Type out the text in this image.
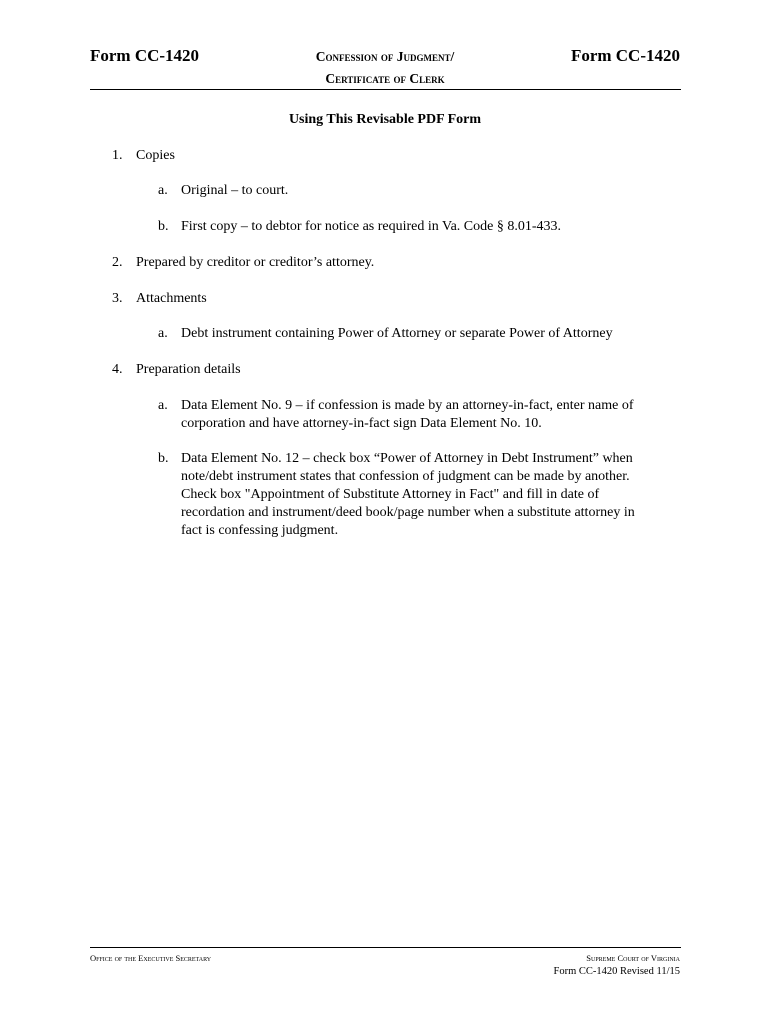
Form CC-1420	Confession of Judgment/
Certificate of Clerk
Form CC-1420
Using This Revisable PDF Form
1. Copies
a. Original – to court.

b. First copy – to debtor for notice as required in Va. Code § 8.01-433.

2. Prepared by creditor or creditor’s attorney.
3. Attachments
a. Debt instrument containing Power of Attorney or separate Power of Attorney

4. Preparation details
a. Data Element No. 9 – if confession is made by an attorney-in-fact, enter name of

corporation and have attorney-in-fact sign Data Element No. 10.

b. Data Element No. 12 – check box “Power of Attorney in Debt Instrument” when

note/debt instrument states that confession of judgment can be made by another.

Check box "Appointment of Substitute Attorney in Fact" and fill in date of

recordation and instrument/deed book/page number when a substitute attorney in

fact is confessing judgment.

Office of the Executive Secretary	Supreme Court of Virginia
Form CC-1420 Revised 11/15
